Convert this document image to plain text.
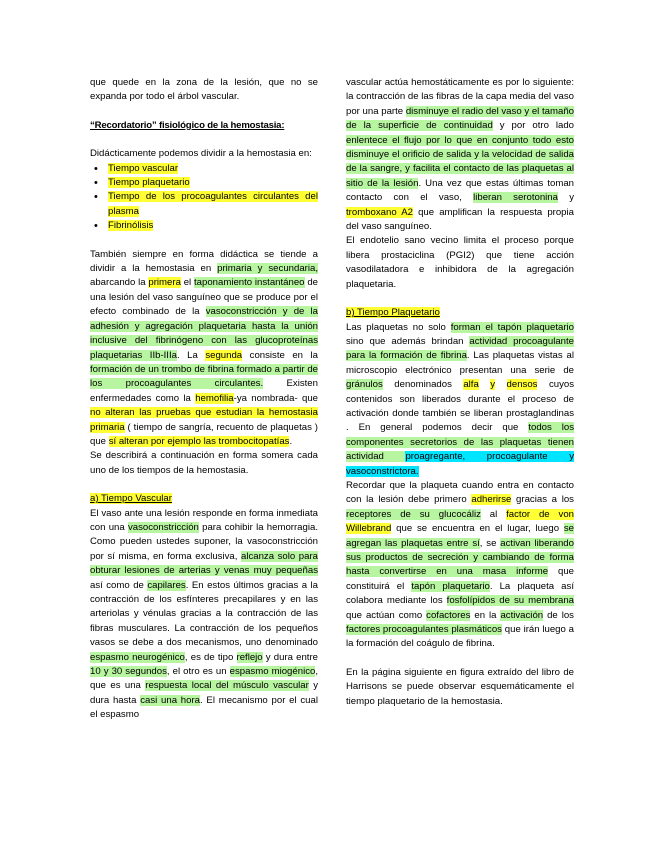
que quede en la zona de la lesión, que no se expanda por todo el árbol vascular.

“Recordatorio” fisiológico de la hemostasia:

Didácticamente podemos dividir a la hemostasia en:

• Tiempo vascular
• Tiempo plaquetario
• Tiempo de los procoagulantes circulantes del plasma
• Fibrinólisis

También siempre en forma didáctica se tiende a dividir a la hemostasia en primaria y secundaria, abarcando la primera el taponamiento instantáneo de una lesión del vaso sanguíneo que se produce por el efecto combinado de la vasoconstricción y de la adhesión y agregación plaquetaria hasta la unión inclusive del fibrinógeno con las glucoproteínas plaquetarias IIb-IIIa. La segunda consiste en la formación de un trombo de fibrina formado a partir de los procoagulantes circulantes. Existen enfermedades como la hemofilia-ya nombrada- que no alteran las pruebas que estudian la hemostasia primaria ( tiempo de sangría, recuento de plaquetas ) que sí alteran por ejemplo las trombocitopatías.

Se describirá a continuación en forma somera cada uno de los tiempos de la hemostasia.

a) Tiempo Vascular

El vaso ante una lesión responde en forma inmediata con una vasoconstricción para cohibir la hemorragia. Como pueden ustedes suponer, la vasoconstricción por sí misma, en forma exclusiva, alcanza solo para obturar lesiones de arterias y venas muy pequeñas así como de capilares. En estos últimos gracias a la contracción de los esfínteres precapilares y en las arteriolas y vénulas gracias a la contracción de las fibras musculares. La contracción de los pequeños vasos se debe a dos mecanismos, uno denominado espasmo neurogénico, es de tipo reflejo y dura entre 10 y 30 segundos, el otro es un espasmo miogénico, que es una respuesta local del músculo vascular y dura hasta casi una hora. El mecanismo por el cual el espasmo

vascular actúa hemostáticamente es por lo siguiente: la contracción de las fibras de la capa media del vaso por una parte disminuye el radio del vaso y el tamaño de la superficie de continuidad y por otro lado enlentece el flujo por lo que en conjunto todo esto disminuye el orificio de salida y la velocidad de salida de la sangre, y facilita el contacto de las plaquetas al sitio de la lesión. Una vez que estas últimas toman contacto con el vaso, liberan serotonina y tromboxano A2 que amplifican la respuesta propia del vaso sanguíneo.

El endotelio sano vecino limita el proceso porque libera prostaciclina (PGI2) que tiene acción vasodilatadora e inhibidora de la agregación plaquetaria.

b) Tiempo Plaquetario

Las plaquetas no solo forman el tapón plaquetario sino que además brindan actividad procoagulante para la formación de fibrina. Las plaquetas vistas al microscopio electrónico presentan una serie de gránulos denominados alfa y densos cuyos contenidos son liberados durante el proceso de activación donde también se liberan prostaglandinas . En general podemos decir que todos los componentes secretorios de las plaquetas tienen actividad proagregante, procoagulante y vasoconstrictora.

Recordar que la plaqueta cuando entra en contacto con la lesión debe primero adherirse gracias a los receptores de su glucocáliz al factor de von Willebrand que se encuentra en el lugar, luego se agregan las plaquetas entre sí, se activan liberando sus productos de secreción y cambiando de forma hasta convertirse en una masa informe que constituirá el tapón plaquetario. La plaqueta así colabora mediante los fosfolípidos de su membrana que actúan como cofactores en la activación de los factores procoagulantes plasmáticos que irán luego a la formación del coágulo de fibrina.

En la página siguiente en figura extraído del libro de Harrisons se puede observar esquemáticamente el tiempo plaquetario de la hemostasia.
